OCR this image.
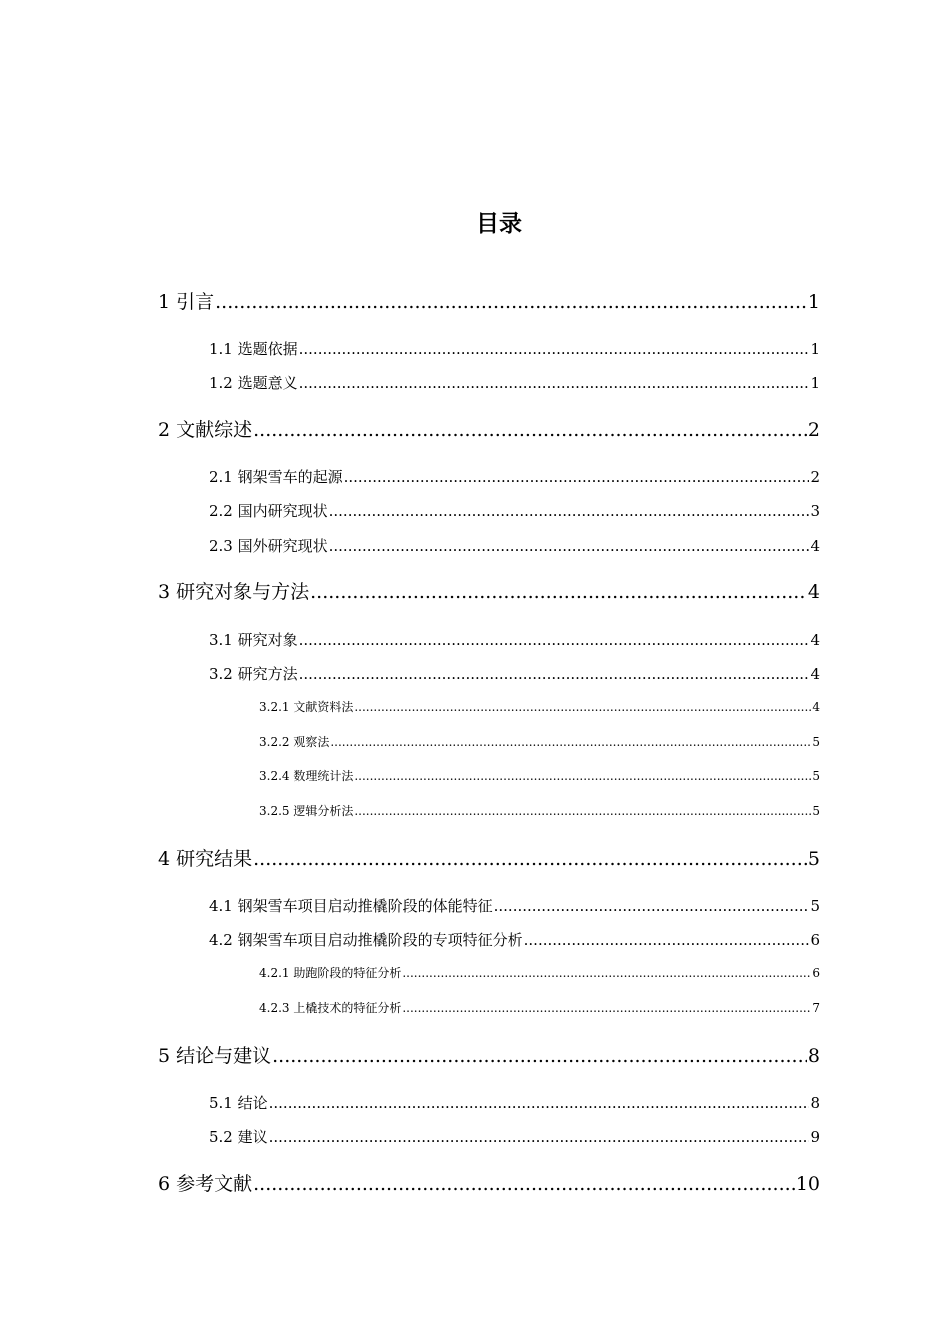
目录
1 引言 .....	1
1.1 选题依据 .....	1
1.2 选题意义 .....	1
2 文献综述 .....	2
2.1 钢架雪车的起源 .....	2
2.2 国内研究现状 .....	3
2.3 国外研究现状 .....	4
3 研究对象与方法 .....	4
3.1 研究对象 .....	4
3.2 研究方法 .....	4
3.2.1 文献资料法 .....	4
3.2.2 观察法 .....	5
3.2.4 数理统计法 .....	5
3.2.5 逻辑分析法 .....	5
4 研究结果 .....	5
4.1 钢架雪车项目启动推橇阶段的体能特征 .....	5
4.2 钢架雪车项目启动推橇阶段的专项特征分析 .....	6
4.2.1 助跑阶段的特征分析 .....	6
4.2.3 上橇技术的特征分析 .....	7
5 结论与建议 .....	8
5.1 结论 .....	8
5.2 建议 .....	9
6 参考文献 .....	10
